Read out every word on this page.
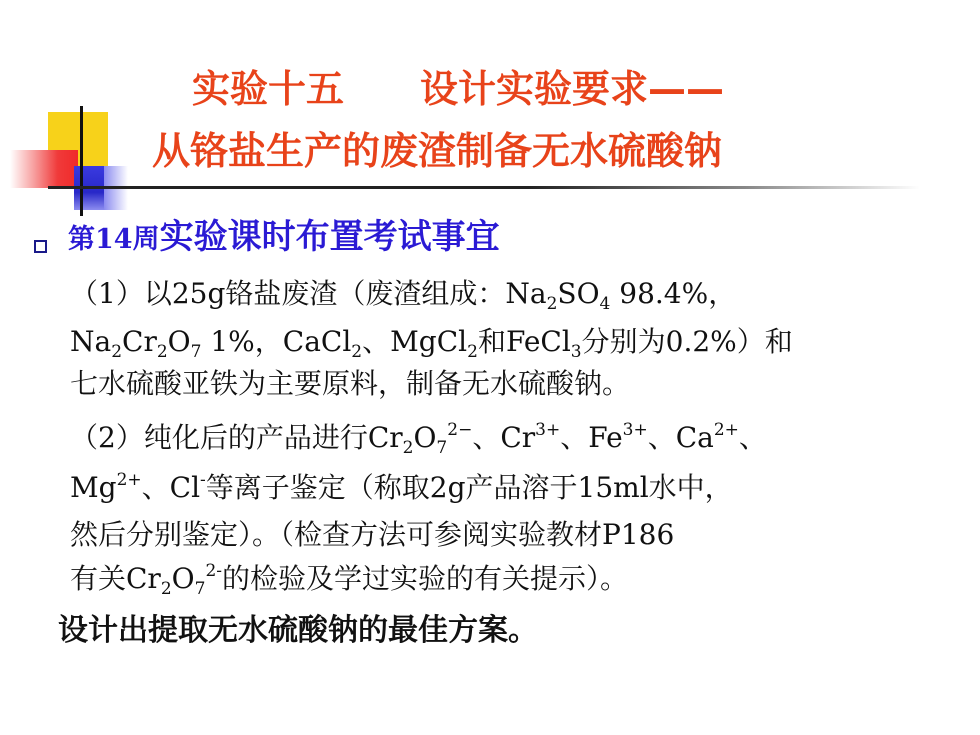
实验十五　　设计实验要求——
从铬盐生产的废渣制备无水硫酸钠
第14周实验课时布置考试事宜

（1）以25g铬盐废渣（废渣组成：$Na_2SO_4$ 98.4%，

$Na_2Cr_2O_7$ 1%，CaCl$_2$、MgCl$_2$和FeCl$_3$分别为0.2%）和

七水硫酸亚铁为主要原料，制备无水硫酸钠。

（2）纯化后的产品进行$Cr_2O_7^{2-}$、$Cr^{3+}$、$Fe^{3+}$、$Ca^{2+}$、

$Mg^{2+}$、Cl-等离子鉴定（称取2g产品溶于15ml水中，

然后分别鉴定）。（检查方法可参阅实验教材P186

有关$Cr_2O_7^{2-}$的检验及学过实验的有关提示）。

设计出提取无水硫酸钠的最佳方案。
